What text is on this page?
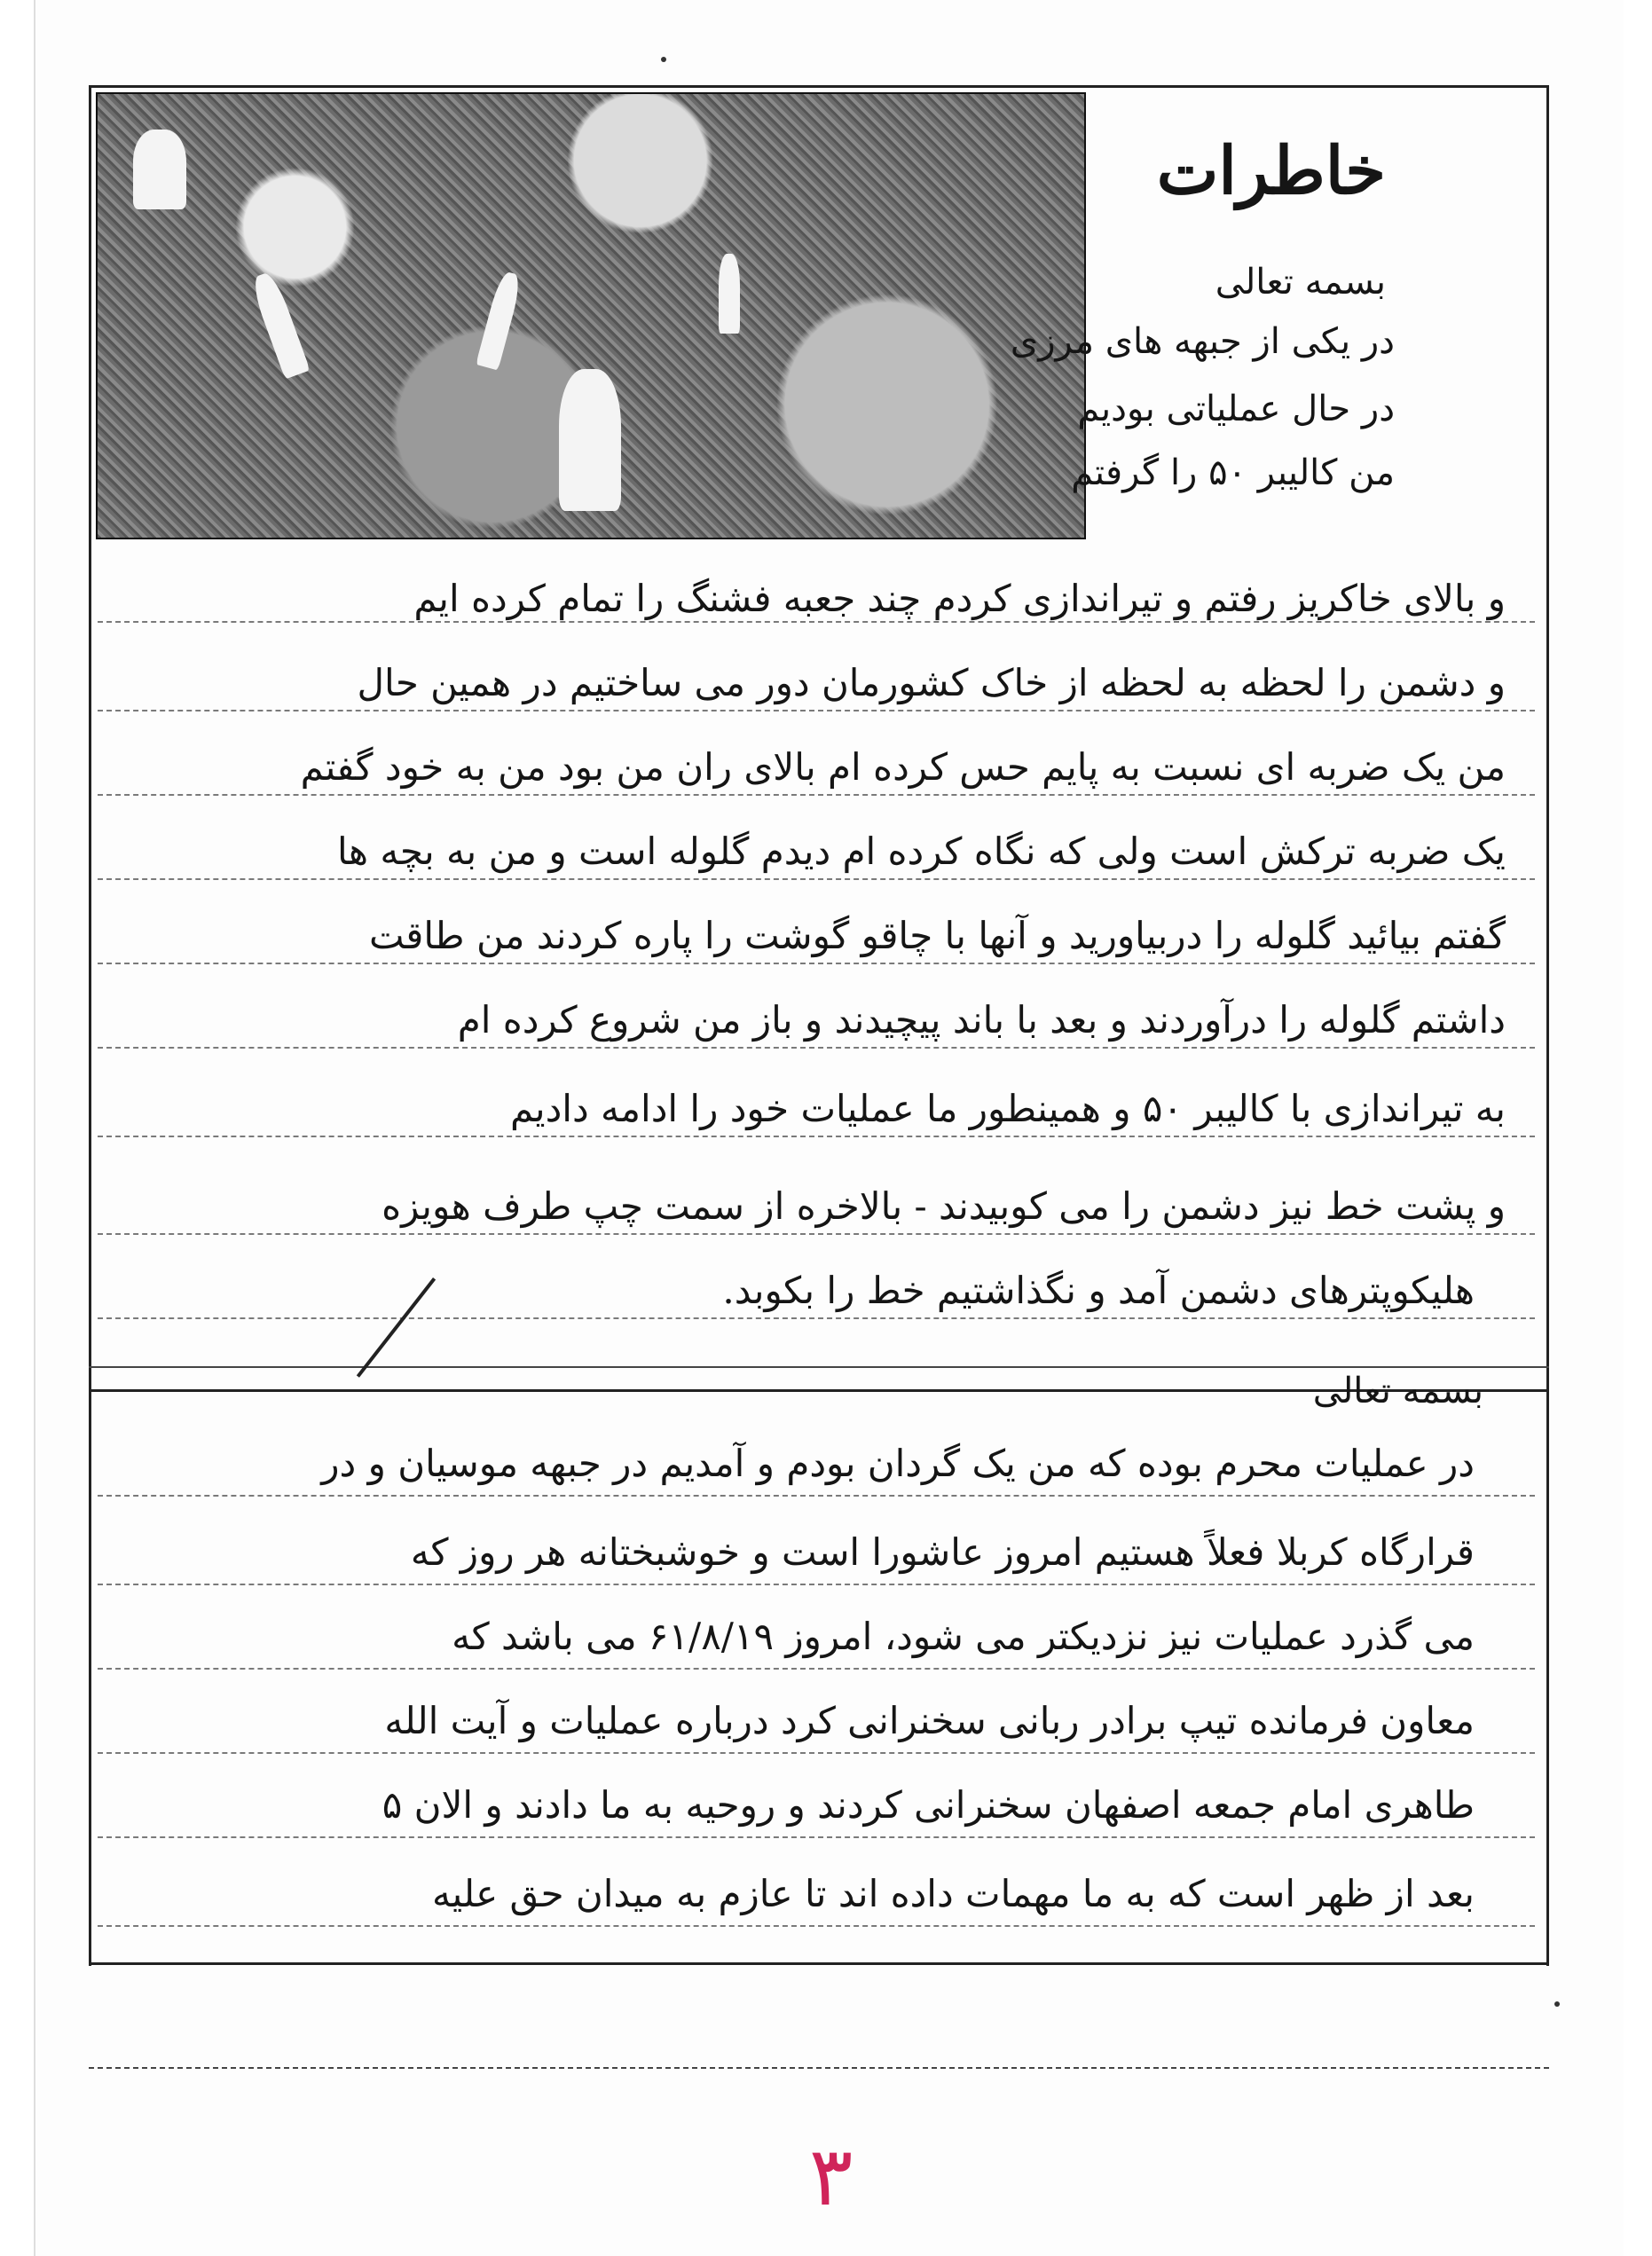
خاطرات
بسمه تعالی
در یکی از جبهه های مرزی
در حال عملیاتی بودیم
من کالیبر ۵۰ را گرفتم
و بالای خاکریز رفتم و تیراندازی کردم چند جعبه فشنگ را تمام کرده ایم
و دشمن را لحظه به لحظه از خاک کشورمان دور می ساختیم در همین حال
من یک ضربه ای نسبت به پایم حس کرده ام بالای ران من بود من به خود گفتم
یک ضربه ترکش است ولی که نگاه کرده ام دیدم گلوله است و من به بچه ها
گفتم بیائید گلوله را دربیاورید و آنها با چاقو گوشت را پاره کردند من طاقت
داشتم گلوله را درآوردند و بعد با باند پیچیدند و باز من شروع کرده ام
به تیراندازی با کالیبر ۵۰ و همینطور ما عملیات خود را ادامه دادیم
و پشت خط نیز دشمن را می کوبیدند - بالاخره از سمت چپ طرف هویزه
هلیکوپترهای دشمن آمد و نگذاشتیم خط را بکوبد.
بسمه تعالی
در عملیات محرم بوده که من یک گردان بودم و آمدیم در جبهه موسیان و در
قرارگاه کربلا فعلاً هستیم امروز عاشورا است و خوشبختانه هر روز که
می گذرد عملیات نیز نزدیکتر می شود، امروز ۶۱/۸/۱۹ می باشد که
معاون فرمانده تیپ برادر ربانی سخنرانی کرد درباره عملیات و آیت الله
طاهری امام جمعه اصفهان سخنرانی کردند و روحیه به ما دادند و الان ۵
بعد از ظهر است که به ما مهمات داده اند تا عازم به میدان حق علیه
۳
